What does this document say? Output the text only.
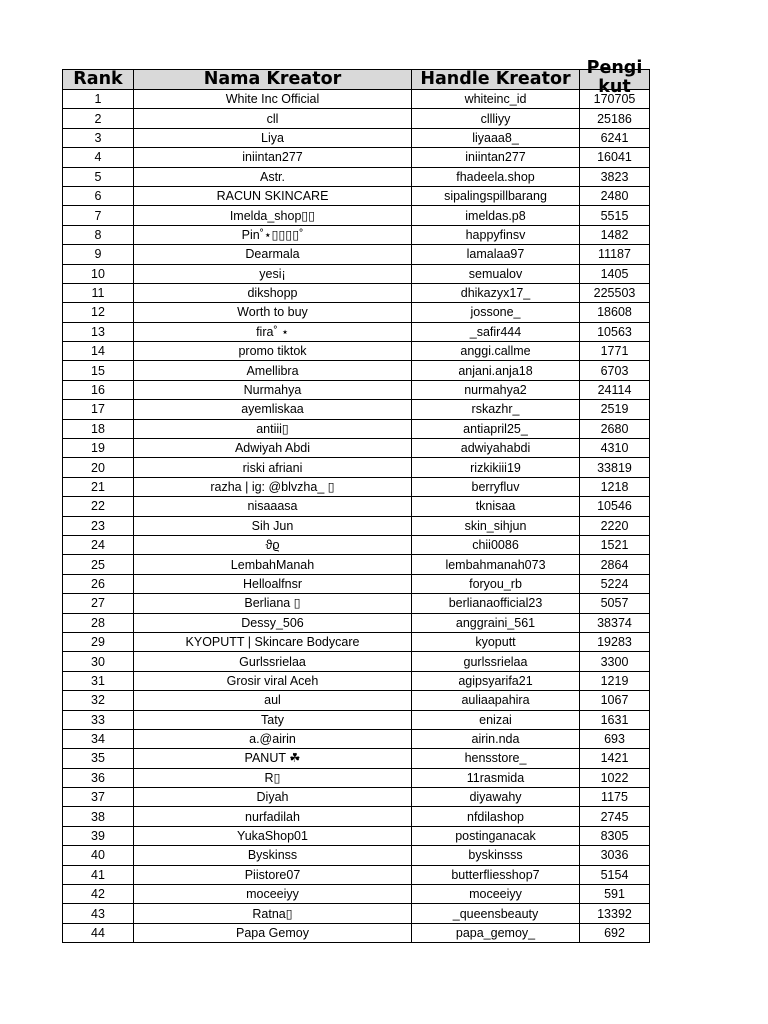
Rank	Nama Kreator	Handle Kreator	Pengi kut

1	White Inc Official	whiteinc_id	170705
2	cll	cllliyy	25186
3	Liya	liyaaa8_	6241
4	iniintan277	iniintan277	16041
5	Astr.	fhadeela.shop	3823
6	RACUN SKINCARE	sipalingspillbarang	2480
7	Imelda_shop▯▯	imeldas.p8	5515
8	Pin˚⋆▯▯▯▯˚	happyfinsv	1482
9	Dearmala	lamalaa97	11187
10	yesi¡	semualov	1405
11	dikshopp	dhikazyx17_	225503
12	Worth to buy	jossone_	18608
13	fira˚ ⋆	_safir444	10563
14	promo tiktok	anggi.callme	1771
15	Amellibra	anjani.anja18	6703
16	Nurmahya	nurmahya2	24114
17	ayemliskaa	rskazhr_	2519
18	antiii▯	antiapril25_	2680
19	Adwiyah Abdi	adwiyahabdi	4310
20	riski afriani	rizkikiii19	33819
21	razha | ig: @blvzha_ ▯	berryfluv	1218
22	nisaaasa	tknisaa	10546
23	Sih Jun	skin_sihjun	2220
24	ϑϱ	chii0086	1521
25	LembahManah	lembahmanah073	2864
26	Helloalfnsr	foryou_rb	5224
27	Berliana ▯	berlianaofficial23	5057
28	Dessy_506	anggraini_561	38374
29	KYOPUTT | Skincare Bodycare	kyoputt	19283
30	Gurlssrielaa	gurlssrielaa	3300
31	Grosir viral Aceh	agipsyarifa21	1219
32	aul	auliaapahira	1067
33	Taty	enizai	1631
34	a.@airin	airin.nda	693
35	PANUT ☘	hensstore_	1421
36	R▯	11rasmida	1022
37	Diyah	diyawahy	1175
38	nurfadilah	nfdilashop	2745
39	YukaShop01	postinganacak	8305
40	Byskinss	byskinsss	3036
41	Piistore07	butterfliesshop7	5154
42	moceeiyy	moceeiyy	591
43	Ratna▯	_queensbeauty	13392
44	Papa Gemoy	papa_gemoy_	692
